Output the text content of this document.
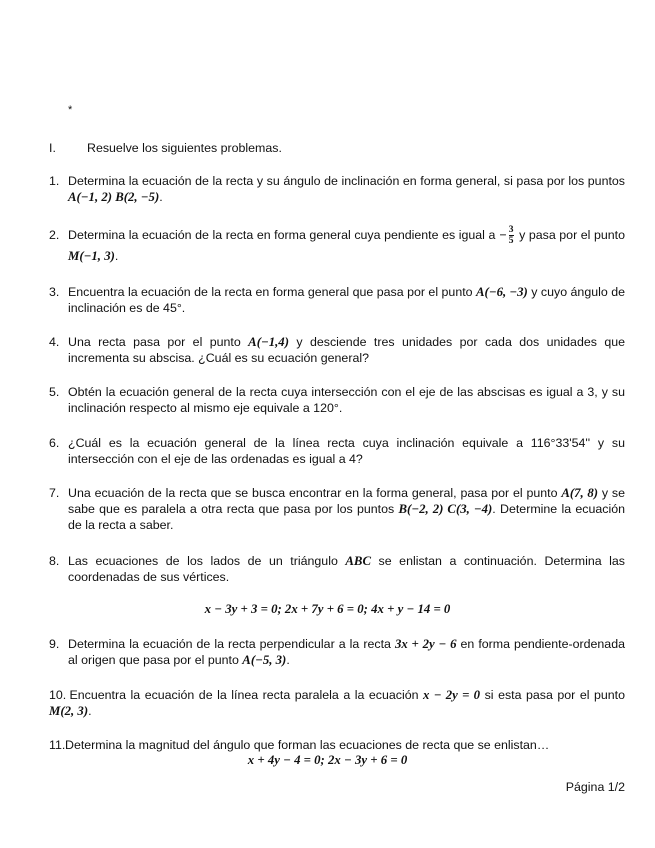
*
I.	Resuelve los siguientes problemas.
1. Determina la ecuación de la recta y su ángulo de inclinación en forma general, si pasa por los puntos A(−1, 2) B(2, −5).
2. Determina la ecuación de la recta en forma general cuya pendiente es igual $a - \frac{3}{5}$ y pasa por el punto M(−1, 3).
3. Encuentra la ecuación de la recta en forma general que pasa por el punto A(−6, −3) y cuyo ángulo de inclinación es de 45°.
4. Una recta pasa por el punto A(−1,4) y desciende tres unidades por cada dos unidades que incrementa su abscisa. ¿Cuál es su ecuación general?
5. Obtén la ecuación general de la recta cuya intersección con el eje de las abscisas es igual a 3, y su inclinación respecto al mismo eje equivale a 120°.
6. ¿Cuál es la ecuación general de la línea recta cuya inclinación equivale a 116°33'54'' y su intersección con el eje de las ordenadas es igual a 4?
7. Una ecuación de la recta que se busca encontrar en la forma general, pasa por el punto A(7, 8) y se sabe que es paralela a otra recta que pasa por los puntos B(−2, 2) C(3, −4). Determine la ecuación de la recta a saber.
8. Las ecuaciones de los lados de un triángulo ABC se enlistan a continuación. Determina las coordenadas de sus vértices.
x − 3y + 3 = 0; 2x + 7y + 6 = 0; 4x + y − 14 = 0
9. Determina la ecuación de la recta perpendicular a la recta 3x + 2y − 6 en forma pendiente-ordenada al origen que pasa por el punto A(−5, 3).
10.
Encuentra la ecuación de la línea recta paralela a la ecuación x − 2y = 0 si esta pasa por el punto M(2, 3).
11. Determina la magnitud del ángulo que forman las ecuaciones de recta que se enlistan…
x + 4y − 4 = 0; 2x − 3y + 6 = 0
Página 1/2
